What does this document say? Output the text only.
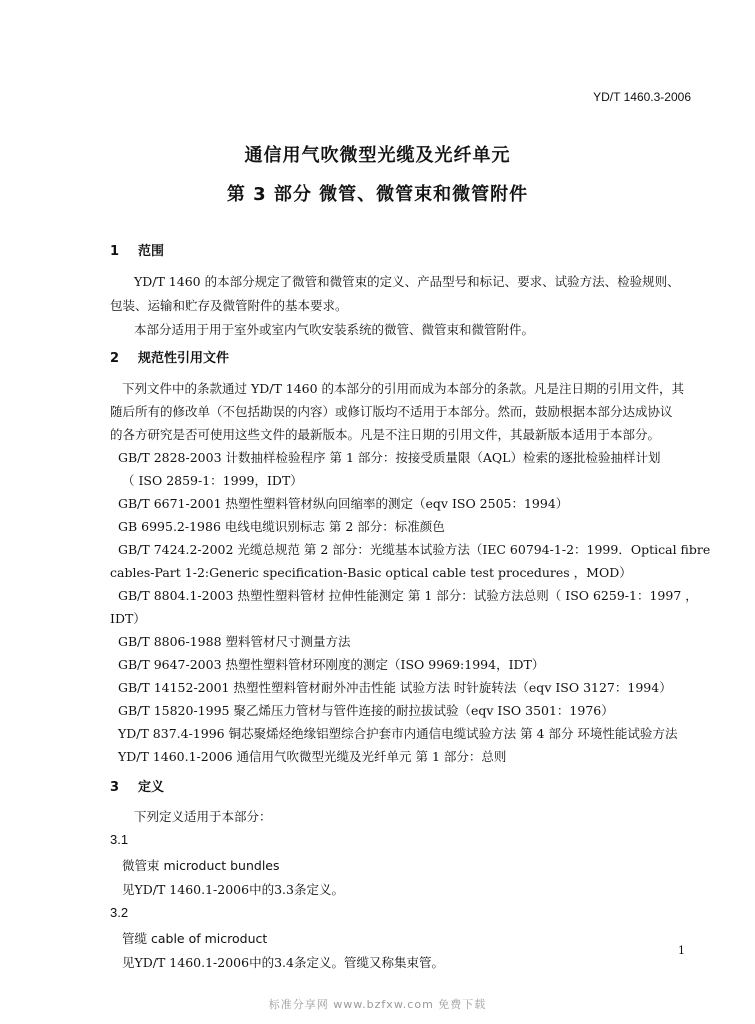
YD/T 1460.3-2006
通信用气吹微型光缆及光纤单元
第 3 部分 微管、微管束和微管附件
1 范围
YD/T 1460 的本部分规定了微管和微管束的定义、产品型号和标记、要求、试验方法、检验规则、
包装、运输和贮存及微管附件的基本要求。
本部分适用于用于室外或室内气吹安装系统的微管、微管束和微管附件。
2 规范性引用文件
下列文件中的条款通过 YD/T 1460 的本部分的引用而成为本部分的条款。凡是注日期的引用文件，其
随后所有的修改单（不包括勘误的内容）或修订版均不适用于本部分。然而，鼓励根据本部分达成协议
的各方研究是否可使用这些文件的最新版本。凡是不注日期的引用文件，其最新版本适用于本部分。
GB/T 2828-2003 计数抽样检验程序 第 1 部分：按接受质量限（AQL）检索的逐批检验抽样计划
（ ISO 2859-1：1999，IDT）
GB/T 6671-2001 热塑性塑料管材纵向回缩率的测定（eqv ISO 2505：1994）
GB 6995.2-1986 电线电缆识别标志 第 2 部分：标准颜色
GB/T 7424.2-2002 光缆总规范 第 2 部分：光缆基本试验方法（IEC 60794-1-2：1999．Optical fibre
cables-Part 1-2:Generic specification-Basic optical cable test procedures ，MOD）
GB/T 8804.1-2003 热塑性塑料管材 拉伸性能测定 第 1 部分：试验方法总则（ ISO 6259-1：1997 ，
IDT）
GB/T 8806-1988 塑料管材尺寸测量方法
GB/T 9647-2003 热塑性塑料管材环刚度的测定（ISO 9969:1994，IDT）
GB/T 14152-2001 热塑性塑料管材耐外冲击性能 试验方法 时针旋转法（eqv ISO 3127：1994）
GB/T 15820-1995 聚乙烯压力管材与管件连接的耐拉拔试验（eqv ISO 3501：1976）
YD/T 837.4-1996 铜芯聚烯烃绝缘铝塑综合护套市内通信电缆试验方法 第 4 部分 环境性能试验方法
YD/T 1460.1-2006 通信用气吹微型光缆及光纤单元 第 1 部分：总则
3 定义
下列定义适用于本部分：
3.1
微管束 microduct bundles
见YD/T 1460.1-2006中的3.3条定义。
3.2
管缆 cable of microduct
见YD/T 1460.1-2006中的3.4条定义。管缆又称集束管。
1
标准分享网 www.bzfxw.com 免费下载
